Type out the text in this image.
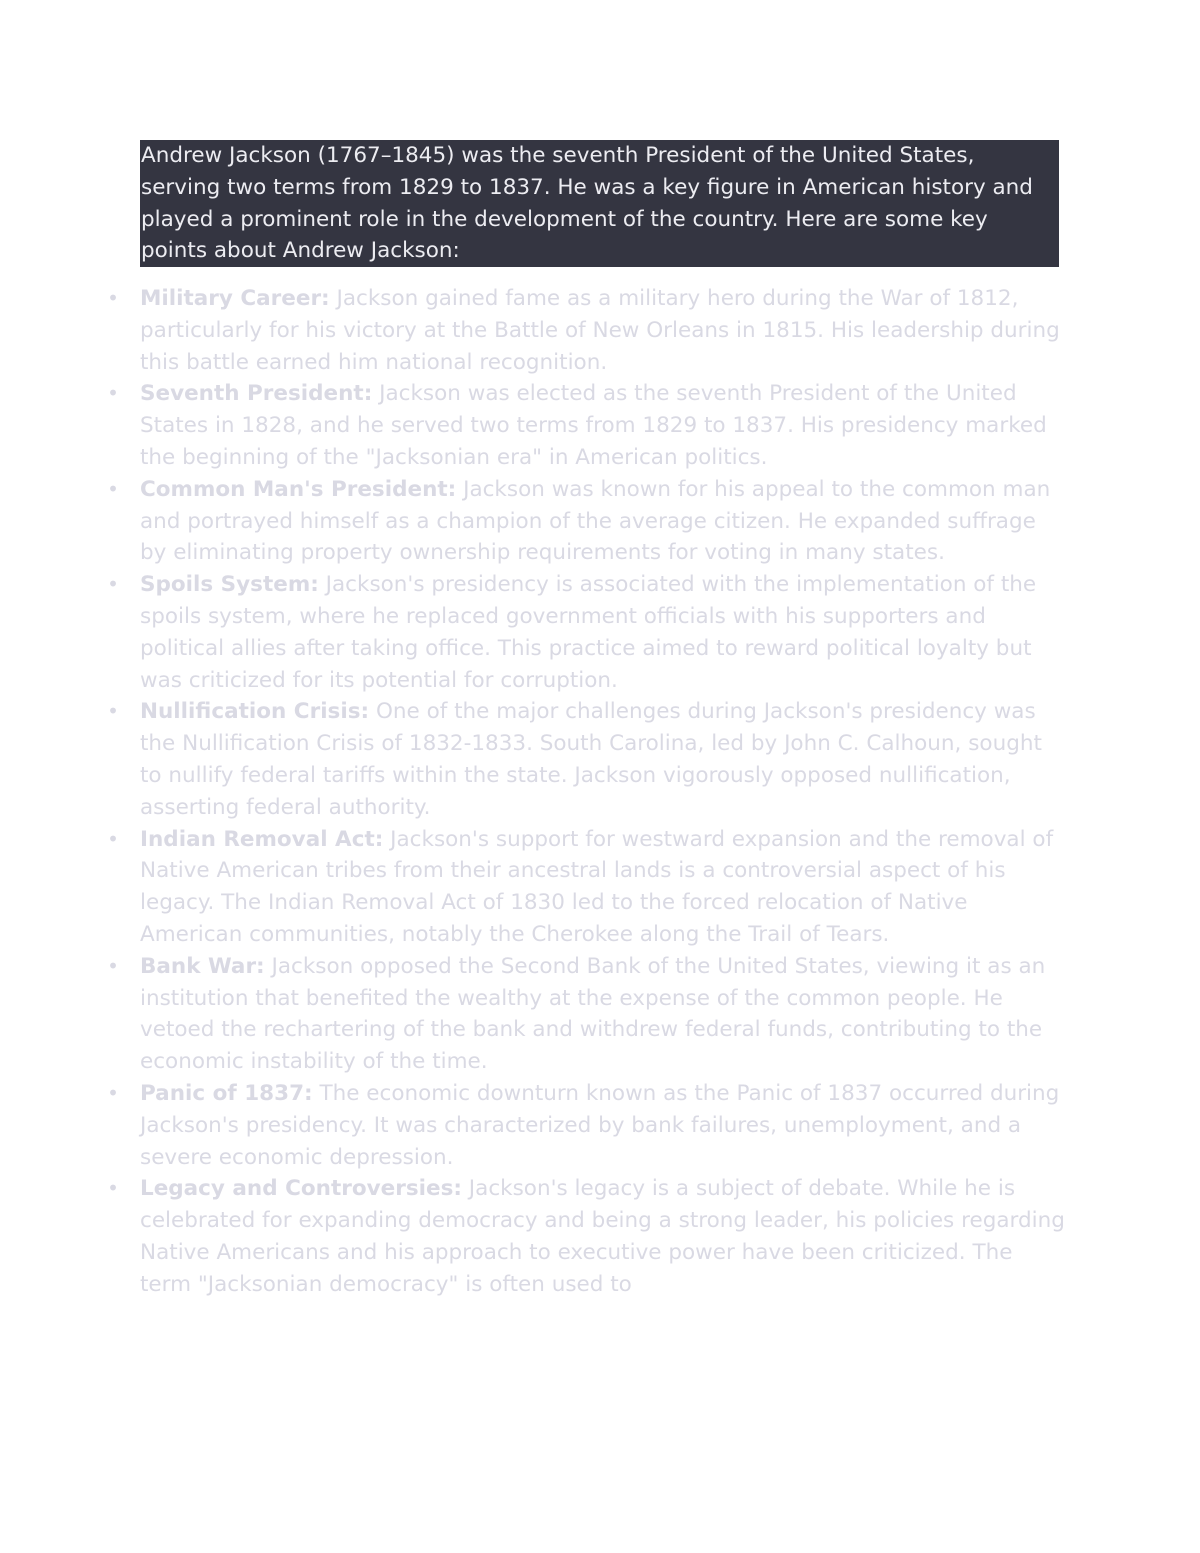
Andrew Jackson (1767–1845) was the seventh President of the United States, serving two terms from 1829 to 1837. He was a key figure in American history and played a prominent role in the development of the country. Here are some key points about Andrew Jackson:

• Military Career: Jackson gained fame as a military hero during the War of 1812, particularly for his victory at the Battle of New Orleans in 1815. His leadership during this battle earned him national recognition.
• Seventh President: Jackson was elected as the seventh President of the United States in 1828, and he served two terms from 1829 to 1837. His presidency marked the beginning of the "Jacksonian era" in American politics.
• Common Man's President: Jackson was known for his appeal to the common man and portrayed himself as a champion of the average citizen. He expanded suffrage by eliminating property ownership requirements for voting in many states.
• Spoils System: Jackson's presidency is associated with the implementation of the spoils system, where he replaced government officials with his supporters and political allies after taking office. This practice aimed to reward political loyalty but was criticized for its potential for corruption.
• Nullification Crisis: One of the major challenges during Jackson's presidency was the Nullification Crisis of 1832-1833. South Carolina, led by John C. Calhoun, sought to nullify federal tariffs within the state. Jackson vigorously opposed nullification, asserting federal authority.
• Indian Removal Act: Jackson's support for westward expansion and the removal of Native American tribes from their ancestral lands is a controversial aspect of his legacy. The Indian Removal Act of 1830 led to the forced relocation of Native American communities, notably the Cherokee along the Trail of Tears.
• Bank War: Jackson opposed the Second Bank of the United States, viewing it as an institution that benefited the wealthy at the expense of the common people. He vetoed the rechartering of the bank and withdrew federal funds, contributing to the economic instability of the time.
• Panic of 1837: The economic downturn known as the Panic of 1837 occurred during Jackson's presidency. It was characterized by bank failures, unemployment, and a severe economic depression.
• Legacy and Controversies: Jackson's legacy is a subject of debate. While he is celebrated for expanding democracy and being a strong leader, his policies regarding Native Americans and his approach to executive power have been criticized. The term "Jacksonian democracy" is often used to
